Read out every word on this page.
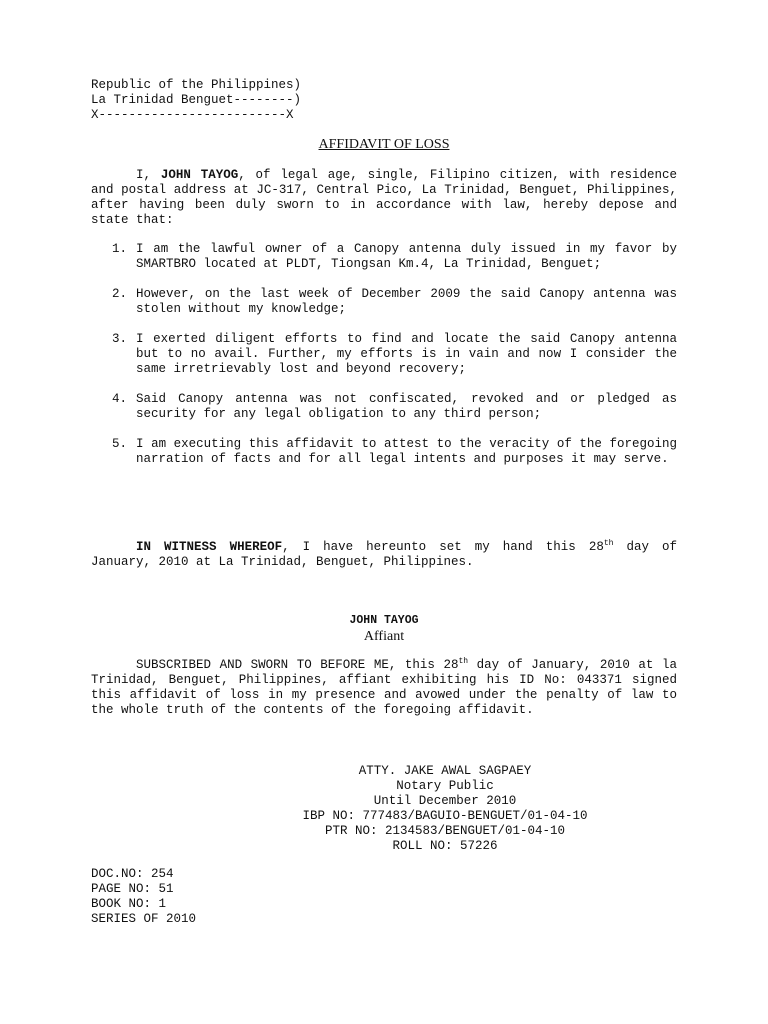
Republic of the Philippines)
La Trinidad Benguet--------)
X-------------------------X
AFFIDAVIT OF LOSS
I, JOHN TAYOG, of legal age, single, Filipino citizen, with residence and postal address at JC-317, Central Pico, La Trinidad, Benguet, Philippines, after having been duly sworn to in accordance with law, hereby depose and state that:
1. I am the lawful owner of a Canopy antenna duly issued in my favor by SMARTBRO located at PLDT, Tiongsan Km.4, La Trinidad, Benguet;
2. However, on the last week of December 2009 the said Canopy antenna was stolen without my knowledge;
3. I exerted diligent efforts to find and locate the said Canopy antenna but to no avail. Further, my efforts is in vain and now I consider the same irretrievably lost and beyond recovery;
4. Said Canopy antenna was not confiscated, revoked and or pledged as security for any legal obligation to any third person;
5. I am executing this affidavit to attest to the veracity of the foregoing narration of facts and for all legal intents and purposes it may serve.
IN WITNESS WHEREOF, I have hereunto set my hand this 28th day of January, 2010 at La Trinidad, Benguet, Philippines.
JOHN TAYOG
Affiant
SUBSCRIBED AND SWORN TO BEFORE ME, this 28th day of January, 2010 at la Trinidad, Benguet, Philippines, affiant exhibiting his ID No: 043371 signed this affidavit of loss in my presence and avowed under the penalty of law to the whole truth of the contents of the foregoing affidavit.
ATTY. JAKE AWAL SAGPAEY
Notary Public
Until December 2010
IBP NO: 777483/BAGUIO-BENGUET/01-04-10
PTR NO: 2134583/BENGUET/01-04-10
ROLL NO: 57226
DOC.NO: 254
PAGE NO: 51
BOOK NO: 1
SERIES OF 2010
